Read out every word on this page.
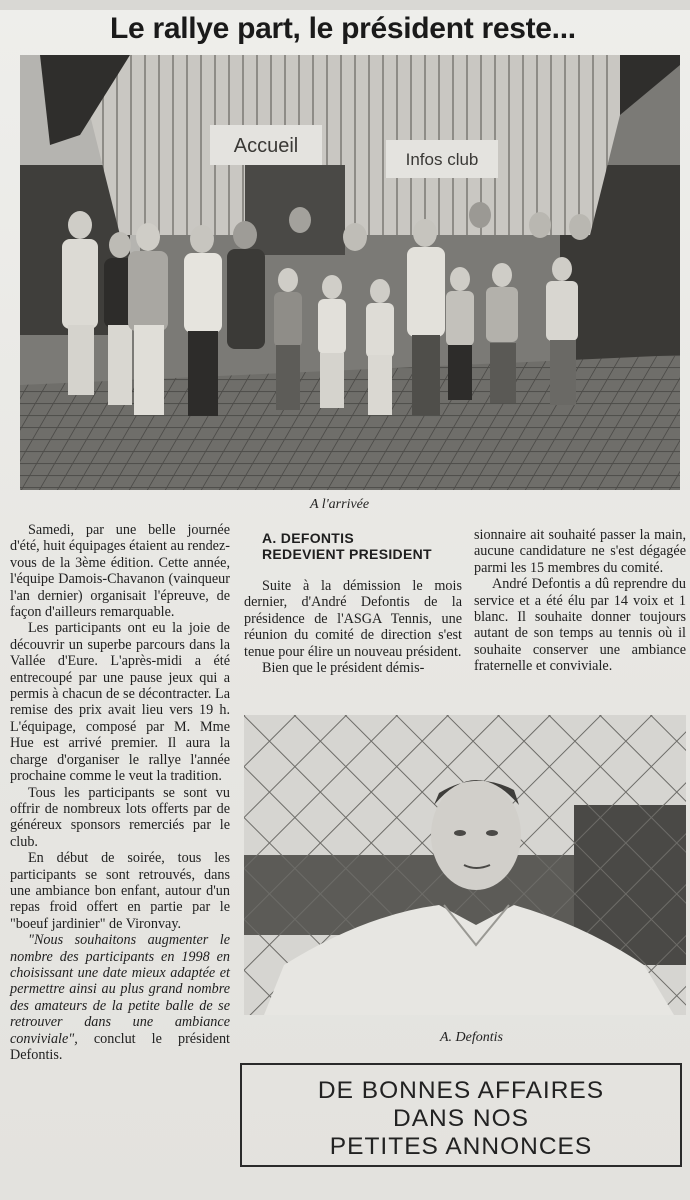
Le rallye part, le président reste...
Accueil
Infos club
A l'arrivée

Samedi, par une belle journée d'été, huit équipages étaient au rendez-vous de la 3ème édition. Cette année, l'équipe Damois-Chavanon (vainqueur l'an dernier) organisait l'épreuve, de façon d'ailleurs remarquable.

Les participants ont eu la joie de découvrir un superbe parcours dans la Vallée d'Eure. L'après-midi a été entrecoupé par une pause jeux qui a permis à chacun de se décontracter. La remise des prix avait lieu vers 19 h. L'équipage, composé par M. Mme Hue est arrivé premier. Il aura la charge d'organiser le rallye l'année prochaine comme le veut la tradition.

Tous les participants se sont vu offrir de nombreux lots offerts par de généreux sponsors remerciés par le club.

En début de soirée, tous les participants se sont retrouvés, dans une ambiance bon enfant, autour d'un repas froid offert en partie par le "boeuf jardinier" de Vironvay.

"Nous souhaitons augmenter le nombre des participants en 1998 en choisissant une date mieux adaptée et permettre ainsi au plus grand nombre des amateurs de la petite balle de se retrouver dans une ambiance conviviale", conclut le président Defontis.

A. DEFONTIS
REDEVIENT PRESIDENT

Suite à la démission le mois dernier, d'André Defontis de la présidence de l'ASGA Tennis, une réunion du comité de direction s'est tenue pour élire un nouveau président.

Bien que le président démis-

sionnaire ait souhaité passer la main, aucune candidature ne s'est dégagée parmi les 15 membres du comité.

André Defontis a dû reprendre du service et a été élu par 14 voix et 1 blanc. Il souhaite donner toujours autant de son temps au tennis où il souhaite conserver une ambiance fraternelle et conviviale.

A. Defontis
DE BONNES AFFAIRES
DANS NOS
PETITES ANNONCES
